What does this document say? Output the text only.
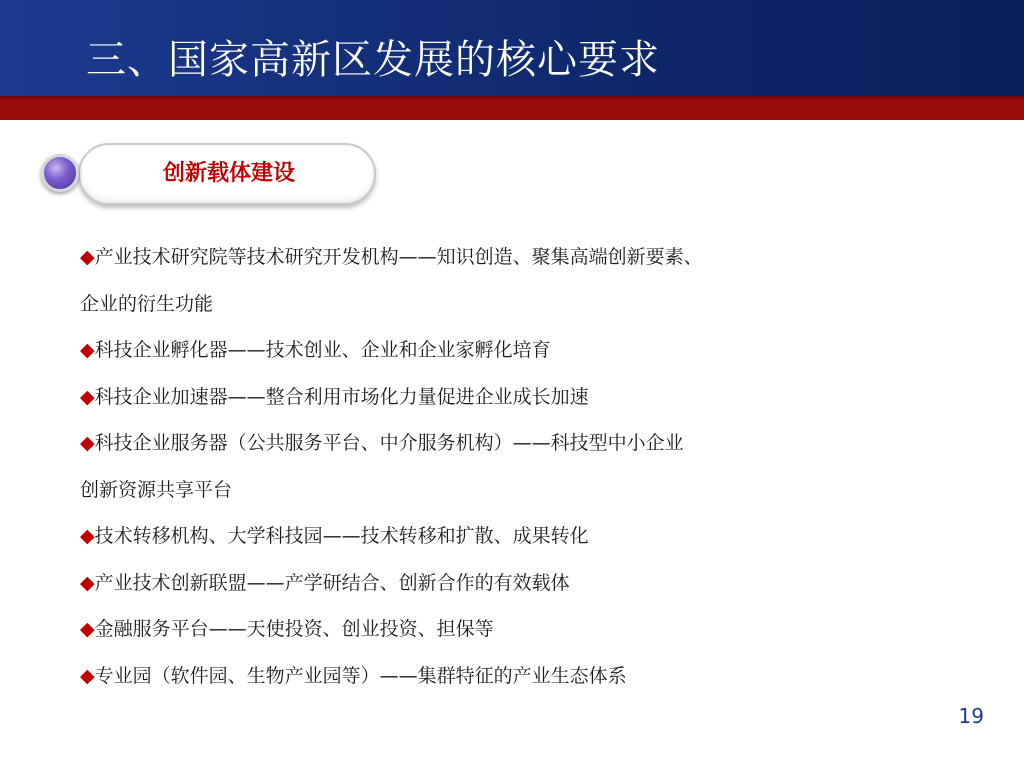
三、国家高新区发展的核心要求
创新载体建设
◆产业技术研究院等技术研究开发机构——知识创造、聚集高端创新要素、
企业的衍生功能
◆科技企业孵化器——技术创业、企业和企业家孵化培育
◆科技企业加速器——整合利用市场化力量促进企业成长加速
◆科技企业服务器（公共服务平台、中介服务机构）——科技型中小企业
创新资源共享平台
◆技术转移机构、大学科技园——技术转移和扩散、成果转化
◆产业技术创新联盟——产学研结合、创新合作的有效载体
◆金融服务平台——天使投资、创业投资、担保等
◆专业园（软件园、生物产业园等）——集群特征的产业生态体系
19
